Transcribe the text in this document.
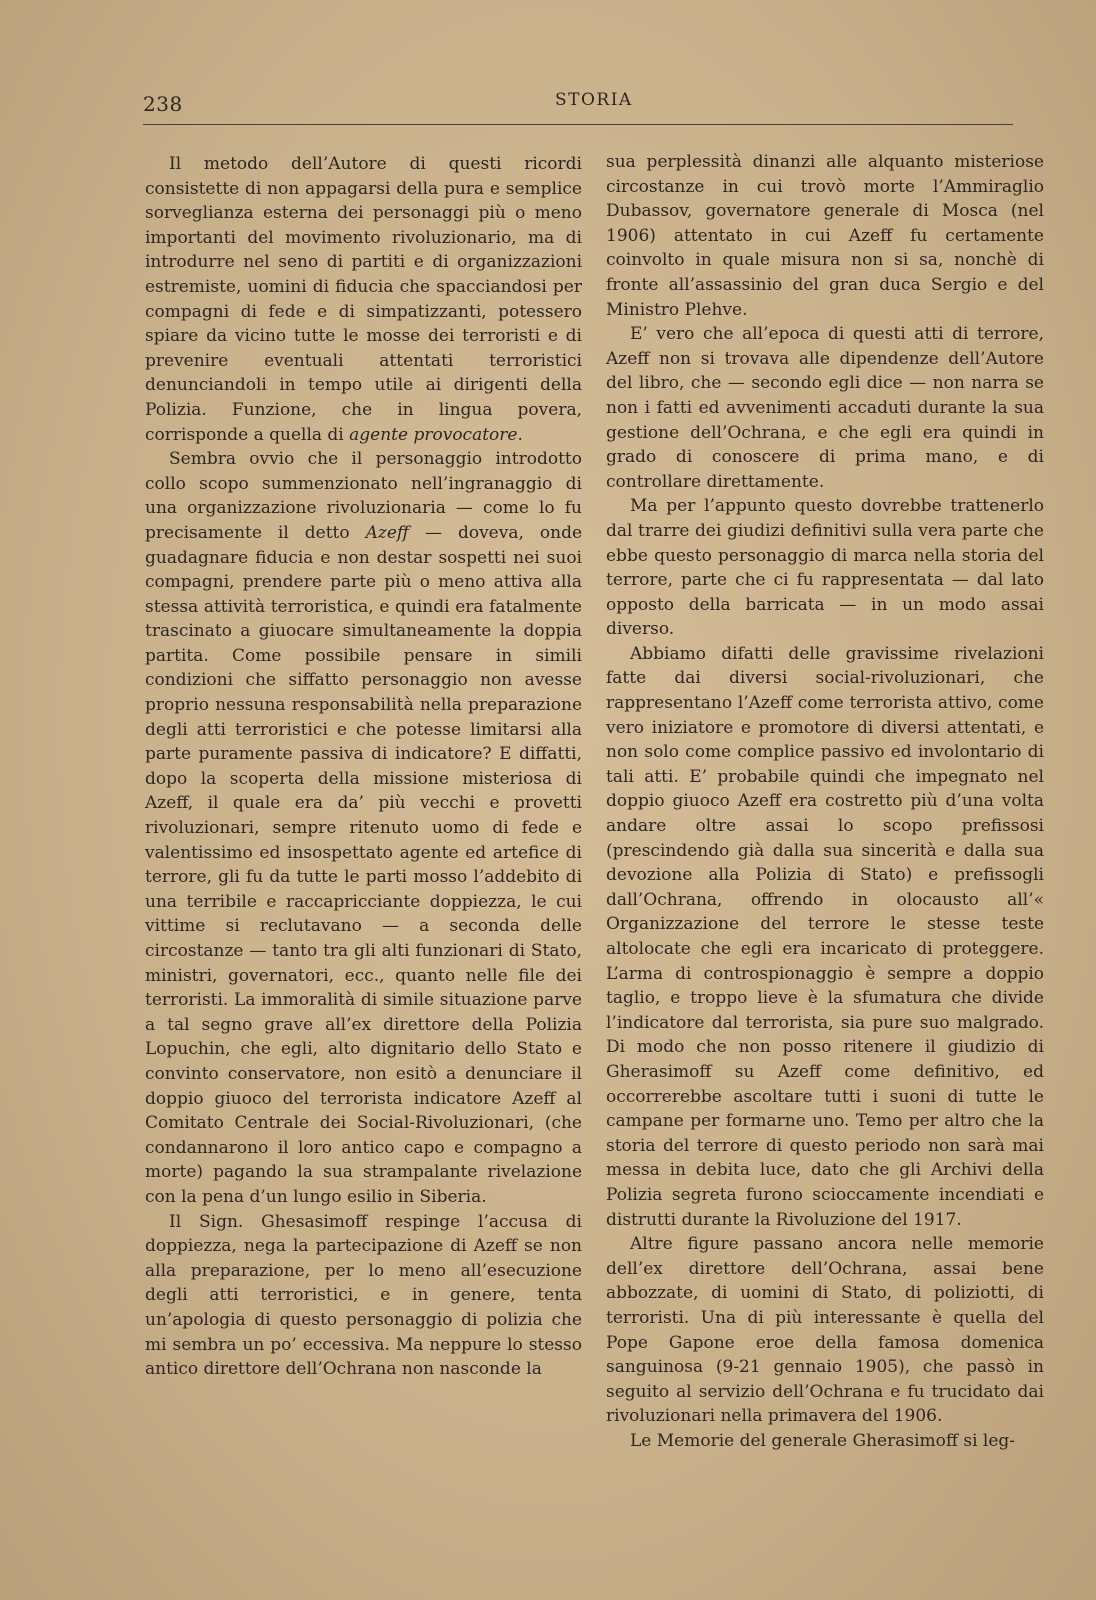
238	STORIA

Il metodo dell’Autore di questi ricordi consistette di non appagarsi della pura e semplice sorveglianza esterna dei personaggi più o meno importanti del movimento rivoluzionario, ma di introdurre nel seno di partiti e di organizzazioni estremiste, uomini di fiducia che spacciandosi per compagni di fede e di simpatizzanti, potessero spiare da vicino tutte le mosse dei terroristi e di prevenire eventuali attentati terroristici denunciandoli in tempo utile ai dirigenti della Polizia. Funzione, che in lingua povera, corrisponde a quella di agente provocatore.

Sembra ovvio che il personaggio introdotto collo scopo summenzionato nell’ingranaggio di una organizzazione rivoluzionaria — come lo fu precisamente il detto Azeff — doveva, onde guadagnare fiducia e non destar sospetti nei suoi compagni, prendere parte più o meno attiva alla stessa attività terroristica, e quindi era fatalmente trascinato a giuocare simultaneamente la doppia partita. Come possibile pensare in simili condizioni che siffatto personaggio non avesse proprio nessuna responsabilità nella preparazione degli atti terroristici e che potesse limitarsi alla parte puramente passiva di indicatore? E diffatti, dopo la scoperta della missione misteriosa di Azeff, il quale era da’ più vecchi e provetti rivoluzionari, sempre ritenuto uomo di fede e valentissimo ed insospettato agente ed artefice di terrore, gli fu da tutte le parti mosso l’addebito di una terribile e raccapricciante doppiezza, le cui vittime si reclutavano — a seconda delle circostanze — tanto tra gli alti funzionari di Stato, ministri, governatori, ecc., quanto nelle file dei terroristi. La immoralità di simile situazione parve a tal segno grave all’ex direttore della Polizia Lopuchin, che egli, alto dignitario dello Stato e convinto conservatore, non esitò a denunciare il doppio giuoco del terrorista indicatore Azeff al Comitato Centrale dei Social-Rivoluzionari, (che condannarono il loro antico capo e compagno a morte) pagando la sua strampalante rivelazione con la pena d’un lungo esilio in Siberia.

Il Sign. Ghesasimoff respinge l’accusa di doppiezza, nega la partecipazione di Azeff se non alla preparazione, per lo meno all’esecuzione degli atti terroristici, e in genere, tenta un’apologia di questo personaggio di polizia che mi sembra un po’ eccessiva. Ma neppure lo stesso antico direttore dell’Ochrana non nasconde la

sua perplessità dinanzi alle alquanto misteriose circostanze in cui trovò morte l’Ammiraglio Dubassov, governatore generale di Mosca (nel 1906) attentato in cui Azeff fu certamente coinvolto in quale misura non si sa, nonchè di fronte all’assassinio del gran duca Sergio e del Ministro Plehve.

E’ vero che all’epoca di questi atti di terrore, Azeff non si trovava alle dipendenze dell’Autore del libro, che — secondo egli dice — non narra se non i fatti ed avvenimenti accaduti durante la sua gestione dell’Ochrana, e che egli era quindi in grado di conoscere di prima mano, e di controllare direttamente.

Ma per l’appunto questo dovrebbe trattenerlo dal trarre dei giudizi definitivi sulla vera parte che ebbe questo personaggio di marca nella storia del terrore, parte che ci fu rappresentata — dal lato opposto della barricata — in un modo assai diverso.

Abbiamo difatti delle gravissime rivelazioni fatte dai diversi social-rivoluzionari, che rappresentano l’Azeff come terrorista attivo, come vero iniziatore e promotore di diversi attentati, e non solo come complice passivo ed involontario di tali atti. E’ probabile quindi che impegnato nel doppio giuoco Azeff era costretto più d’una volta andare oltre assai lo scopo prefissosi (prescindendo già dalla sua sincerità e dalla sua devozione alla Polizia di Stato) e prefissogli dall’Ochrana, offrendo in olocausto all’« Organizzazione del terrore le stesse teste altolocate che egli era incaricato di proteggere. L’arma di controspionaggio è sempre a doppio taglio, e troppo lieve è la sfumatura che divide l’indicatore dal terrorista, sia pure suo malgrado. Di modo che non posso ritenere il giudizio di Gherasimoff su Azeff come definitivo, ed occorrerebbe ascoltare tutti i suoni di tutte le campane per formarne uno. Temo per altro che la storia del terrore di questo periodo non sarà mai messa in debita luce, dato che gli Archivi della Polizia segreta furono scioccamente incendiati e distrutti durante la Rivoluzione del 1917.

Altre figure passano ancora nelle memorie dell’ex direttore dell’Ochrana, assai bene abbozzate, di uomini di Stato, di poliziotti, di terroristi. Una di più interessante è quella del Pope Gapone eroe della famosa domenica sanguinosa (9-21 gennaio 1905), che passò in seguito al servizio dell’Ochrana e fu trucidato dai rivoluzionari nella primavera del 1906.

Le Memorie del generale Gherasimoff si leg-
